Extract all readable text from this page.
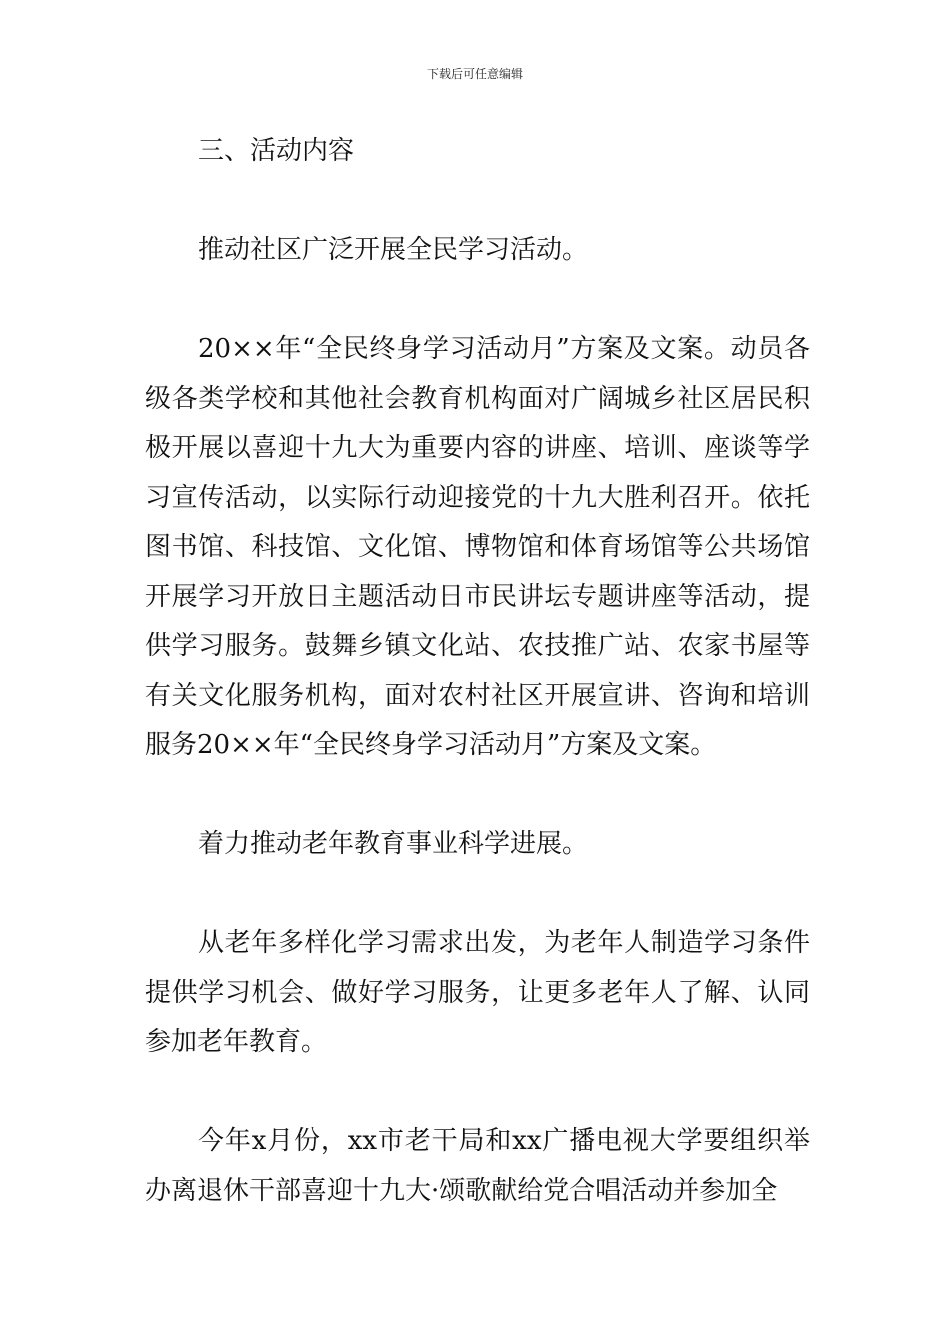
下载后可任意编辑

三、活动内容

推动社区广泛开展全民学习活动。

20××年“全民终身学习活动月”方案及文案。动员各级各类学校和其他社会教育机构面对广阔城乡社区居民积极开展以喜迎十九大为重要内容的讲座、培训、座谈等学习宣传活动，以实际行动迎接党的十九大胜利召开。依托图书馆、科技馆、文化馆、博物馆和体育场馆等公共场馆开展学习开放日主题活动日市民讲坛专题讲座等活动，提供学习服务。鼓舞乡镇文化站、农技推广站、农家书屋等有关文化服务机构，面对农村社区开展宣讲、咨询和培训服务20××年“全民终身学习活动月”方案及文案。

着力推动老年教育事业科学进展。

从老年多样化学习需求出发，为老年人制造学习条件提供学习机会、做好学习服务，让更多老年人了解、认同参加老年教育。

今年x月份，xx市老干局和xx广播电视大学要组织举办离退休干部喜迎十九大·颂歌献给党合唱活动并参加全
